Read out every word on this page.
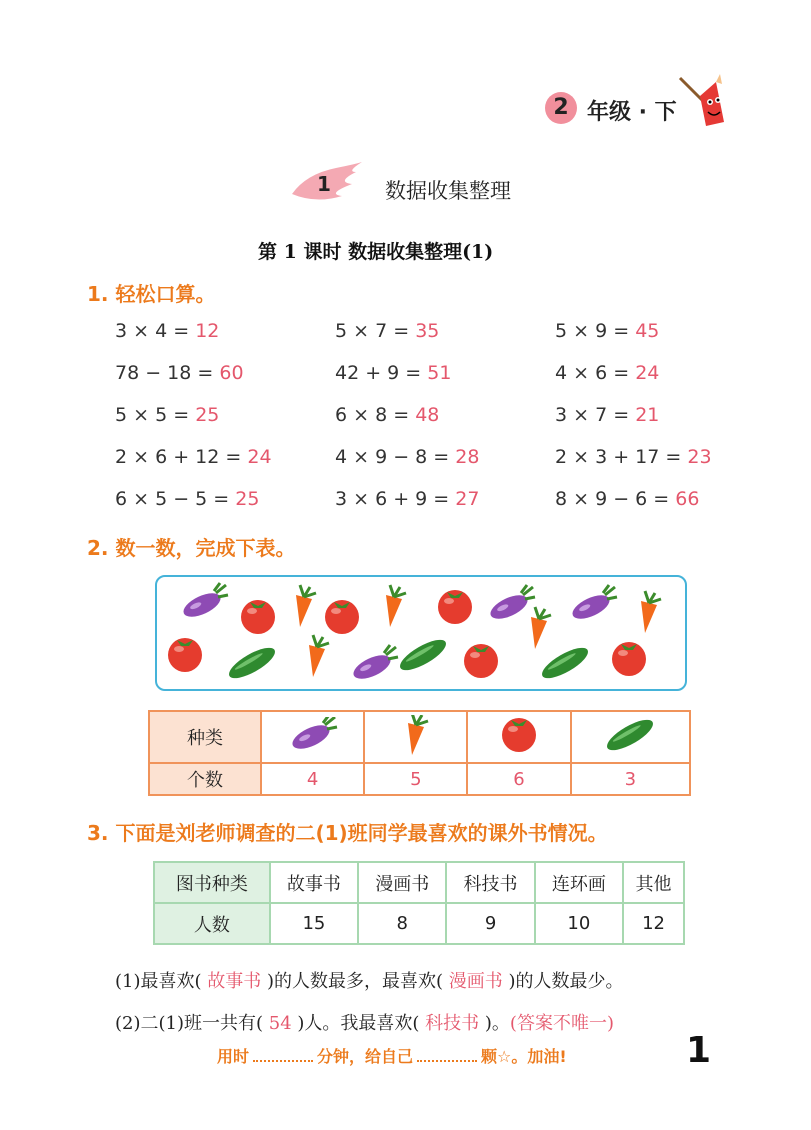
2 年级 · 下
1	数据收集整理
第 1 课时 数据收集整理(1)
1. 轻松口算。
3 × 4 = 12	5 × 7 = 35	5 × 9 = 45
78 − 18 = 60	42 + 9 = 51	4 × 6 = 24
5 × 5 = 25	6 × 8 = 48	3 × 7 = 21
2 × 6 + 12 = 24	4 × 9 − 8 = 28	2 × 3 + 17 = 23
6 × 5 − 5 = 25	3 × 6 + 9 = 27	8 × 9 − 6 = 66
2. 数一数，完成下表。
种类				
个数	4	5	6	3
3. 下面是刘老师调查的二(1)班同学最喜欢的课外书情况。
图书种类	故事书	漫画书	科技书	连环画	其他
人数	15	8	9	10	12
(1)最喜欢( 故事书 )的人数最多，最喜欢( 漫画书 )的人数最少。
(2)二(1)班一共有( 54 )人。我最喜欢( 科技书 )。(答案不唯一)
用时	分钟，给自己	颗☆。加油!	1
